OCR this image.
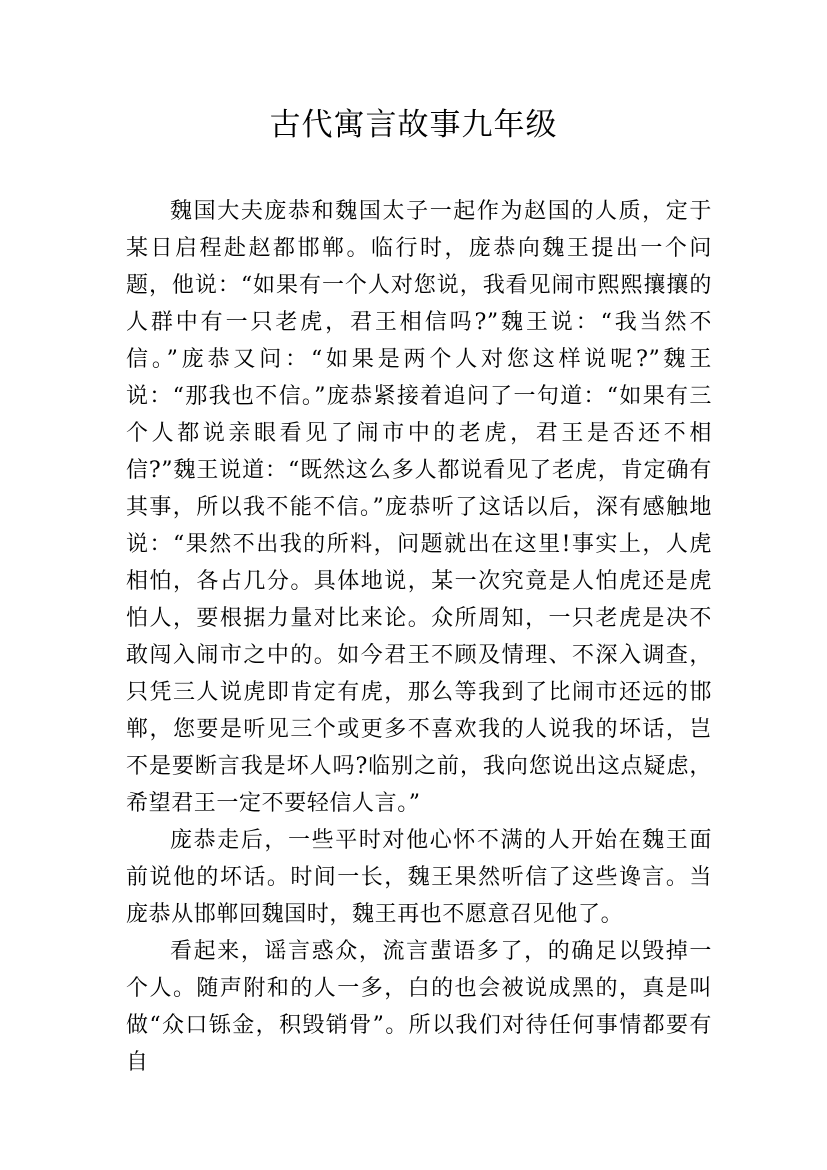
古代寓言故事九年级

魏国大夫庞恭和魏国太子一起作为赵国的人质，定于某日启程赴赵都邯郸。临行时，庞恭向魏王提出一个问题，他说：“如果有一个人对您说，我看见闹市熙熙攘攘的人群中有一只老虎，君王相信吗?”魏王说：“我当然不信。”庞恭又问：“如果是两个人对您这样说呢?”魏王说：“那我也不信。”庞恭紧接着追问了一句道：“如果有三个人都说亲眼看见了闹市中的老虎，君王是否还不相信?”魏王说道：“既然这么多人都说看见了老虎，肯定确有其事，所以我不能不信。”庞恭听了这话以后，深有感触地说：“果然不出我的所料，问题就出在这里!事实上，人虎相怕，各占几分。具体地说，某一次究竟是人怕虎还是虎怕人，要根据力量对比来论。众所周知，一只老虎是决不敢闯入闹市之中的。如今君王不顾及情理、不深入调查，只凭三人说虎即肯定有虎，那么等我到了比闹市还远的邯郸，您要是听见三个或更多不喜欢我的人说我的坏话，岂不是要断言我是坏人吗?临别之前，我向您说出这点疑虑，希望君王一定不要轻信人言。”

庞恭走后，一些平时对他心怀不满的人开始在魏王面前说他的坏话。时间一长，魏王果然听信了这些谗言。当庞恭从邯郸回魏国时，魏王再也不愿意召见他了。

看起来，谣言惑众，流言蜚语多了，的确足以毁掉一个人。随声附和的人一多，白的也会被说成黑的，真是叫做“众口铄金，积毁销骨”。所以我们对待任何事情都要有自
